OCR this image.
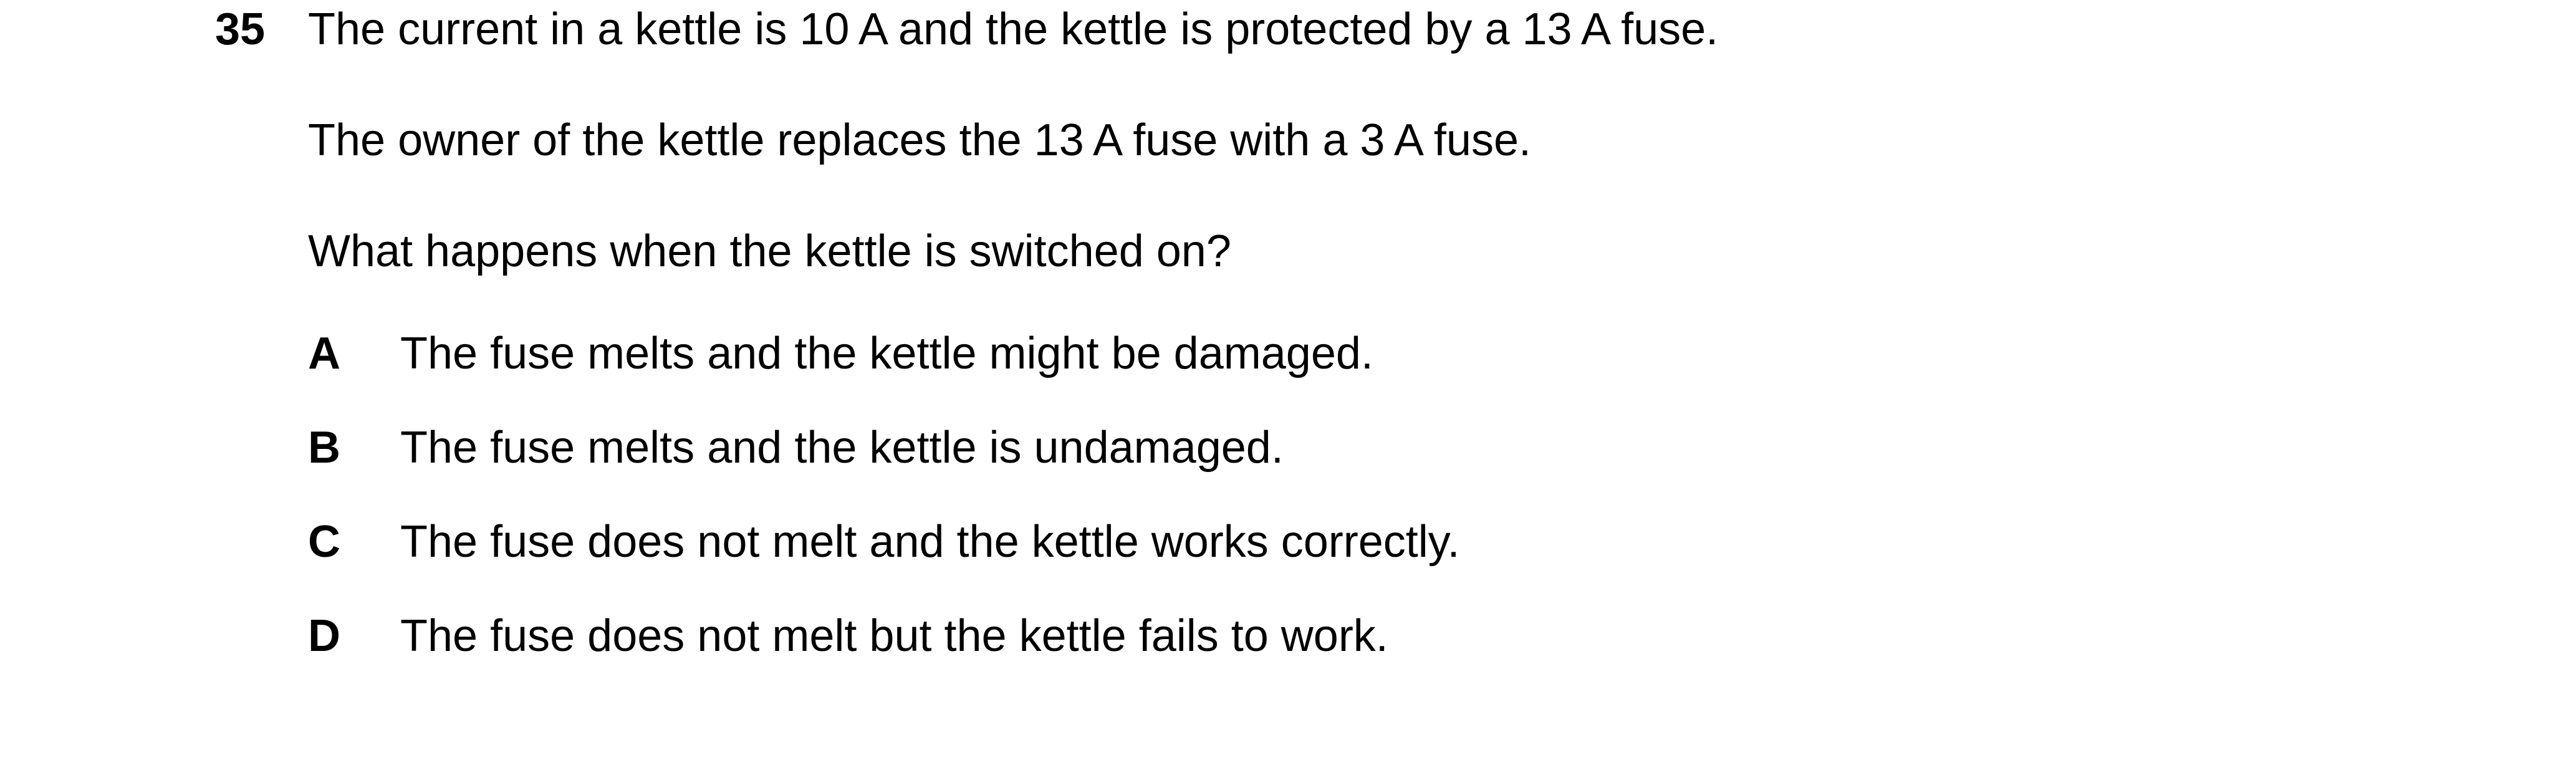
35 The current in a kettle is 10 A and the kettle is protected by a 13 A fuse.
The owner of the kettle replaces the 13 A fuse with a 3 A fuse.
What happens when the kettle is switched on?
A The fuse melts and the kettle might be damaged.
B The fuse melts and the kettle is undamaged.
C The fuse does not melt and the kettle works correctly.
D The fuse does not melt but the kettle fails to work.
